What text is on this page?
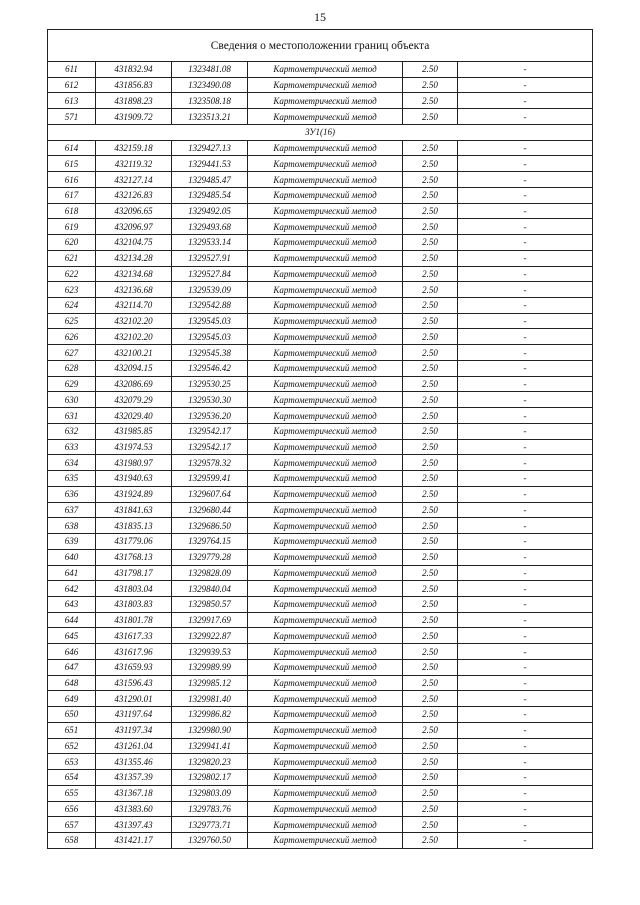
15
Сведения о местоположении границ объекта					
611	431832.94	1323481.08	Картометрический метод	2.50	-
612	431856.83	1323490.08	Картометрический метод	2.50	-
613	431898.23	1323508.18	Картометрический метод	2.50	-
571	431909.72	1323513.21	Картометрический метод	2.50	-
ЗУ1(16)					
614	432159.18	1329427.13	Картометрический метод	2.50	-
615	432119.32	1329441.53	Картометрический метод	2.50	-
616	432127.14	1329485.47	Картометрический метод	2.50	-
617	432126.83	1329485.54	Картометрический метод	2.50	-
618	432096.65	1329492.05	Картометрический метод	2.50	-
619	432096.97	1329493.68	Картометрический метод	2.50	-
620	432104.75	1329533.14	Картометрический метод	2.50	-
621	432134.28	1329527.91	Картометрический метод	2.50	-
622	432134.68	1329527.84	Картометрический метод	2.50	-
623	432136.68	1329539.09	Картометрический метод	2.50	-
624	432114.70	1329542.88	Картометрический метод	2.50	-
625	432102.20	1329545.03	Картометрический метод	2.50	-
626	432102.20	1329545.03	Картометрический метод	2.50	-
627	432100.21	1329545.38	Картометрический метод	2.50	-
628	432094.15	1329546.42	Картометрический метод	2.50	-
629	432086.69	1329530.25	Картометрический метод	2.50	-
630	432079.29	1329530.30	Картометрический метод	2.50	-
631	432029.40	1329536.20	Картометрический метод	2.50	-
632	431985.85	1329542.17	Картометрический метод	2.50	-
633	431974.53	1329542.17	Картометрический метод	2.50	-
634	431980.97	1329578.32	Картометрический метод	2.50	-
635	431940.63	1329599.41	Картометрический метод	2.50	-
636	431924.89	1329607.64	Картометрический метод	2.50	-
637	431841.63	1329680.44	Картометрический метод	2.50	-
638	431835.13	1329686.50	Картометрический метод	2.50	-
639	431779.06	1329764.15	Картометрический метод	2.50	-
640	431768.13	1329779.28	Картометрический метод	2.50	-
641	431798.17	1329828.09	Картометрический метод	2.50	-
642	431803.04	1329840.04	Картометрический метод	2.50	-
643	431803.83	1329850.57	Картометрический метод	2.50	-
644	431801.78	1329917.69	Картометрический метод	2.50	-
645	431617.33	1329922.87	Картометрический метод	2.50	-
646	431617.96	1329939.53	Картометрический метод	2.50	-
647	431659.93	1329989.99	Картометрический метод	2.50	-
648	431596.43	1329985.12	Картометрический метод	2.50	-
649	431290.01	1329981.40	Картометрический метод	2.50	-
650	431197.64	1329986.82	Картометрический метод	2.50	-
651	431197.34	1329980.90	Картометрический метод	2.50	-
652	431261.04	1329941.41	Картометрический метод	2.50	-
653	431355.46	1329820.23	Картометрический метод	2.50	-
654	431357.39	1329802.17	Картометрический метод	2.50	-
655	431367.18	1329803.09	Картометрический метод	2.50	-
656	431383.60	1329783.76	Картометрический метод	2.50	-
657	431397.43	1329773.71	Картометрический метод	2.50	-
658	431421.17	1329760.50	Картометрический метод	2.50	-
